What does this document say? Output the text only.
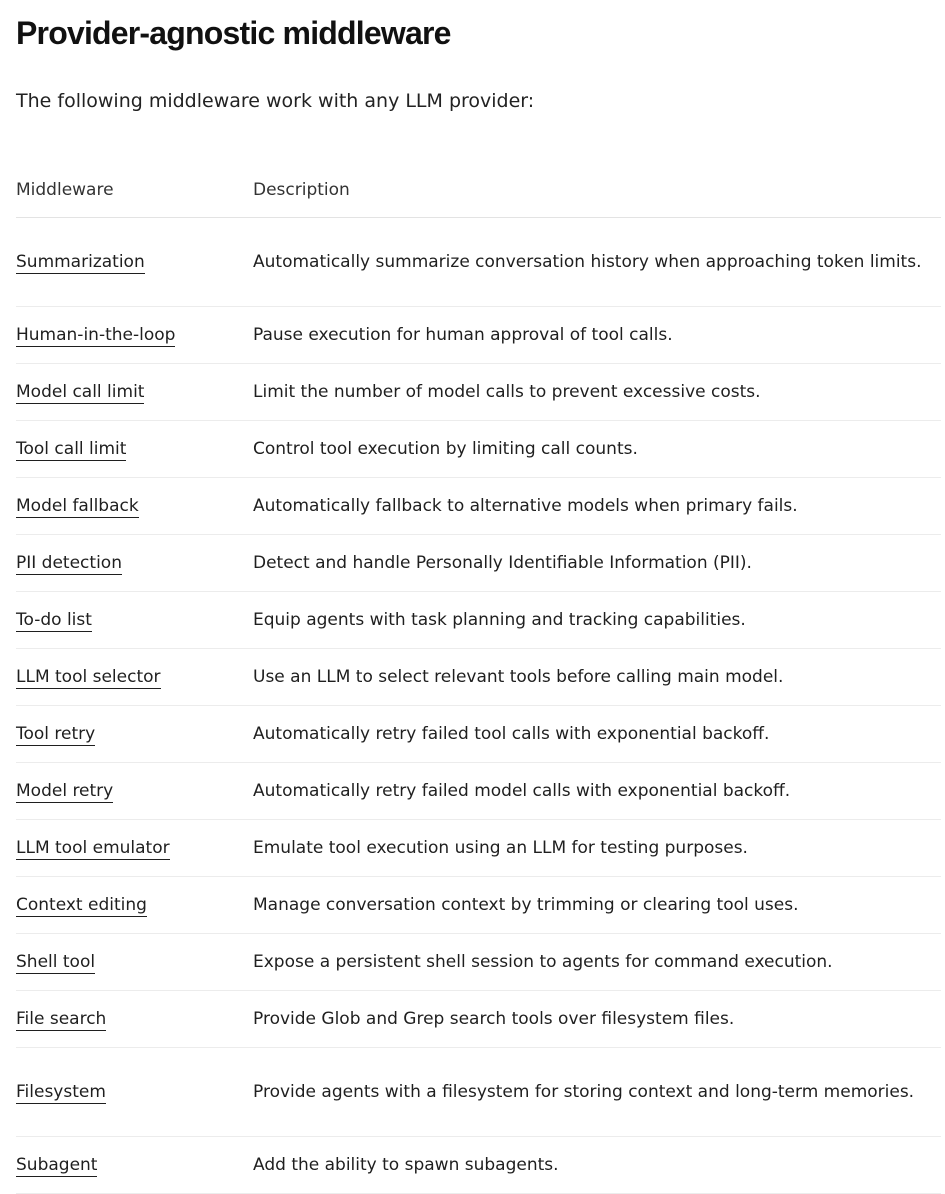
Provider-agnostic middleware

The following middleware work with any LLM provider:

Middleware	Description
Summarization	Automatically summarize conversation history when approaching token limits.
Human-in-the-loop	Pause execution for human approval of tool calls.
Model call limit	Limit the number of model calls to prevent excessive costs.
Tool call limit	Control tool execution by limiting call counts.
Model fallback	Automatically fallback to alternative models when primary fails.
PII detection	Detect and handle Personally Identifiable Information (PII).
To-do list	Equip agents with task planning and tracking capabilities.
LLM tool selector	Use an LLM to select relevant tools before calling main model.
Tool retry	Automatically retry failed tool calls with exponential backoff.
Model retry	Automatically retry failed model calls with exponential backoff.
LLM tool emulator	Emulate tool execution using an LLM for testing purposes.
Context editing	Manage conversation context by trimming or clearing tool uses.
Shell tool	Expose a persistent shell session to agents for command execution.
File search	Provide Glob and Grep search tools over filesystem files.
Filesystem	Provide agents with a filesystem for storing context and long-term memories.
Subagent	Add the ability to spawn subagents.
